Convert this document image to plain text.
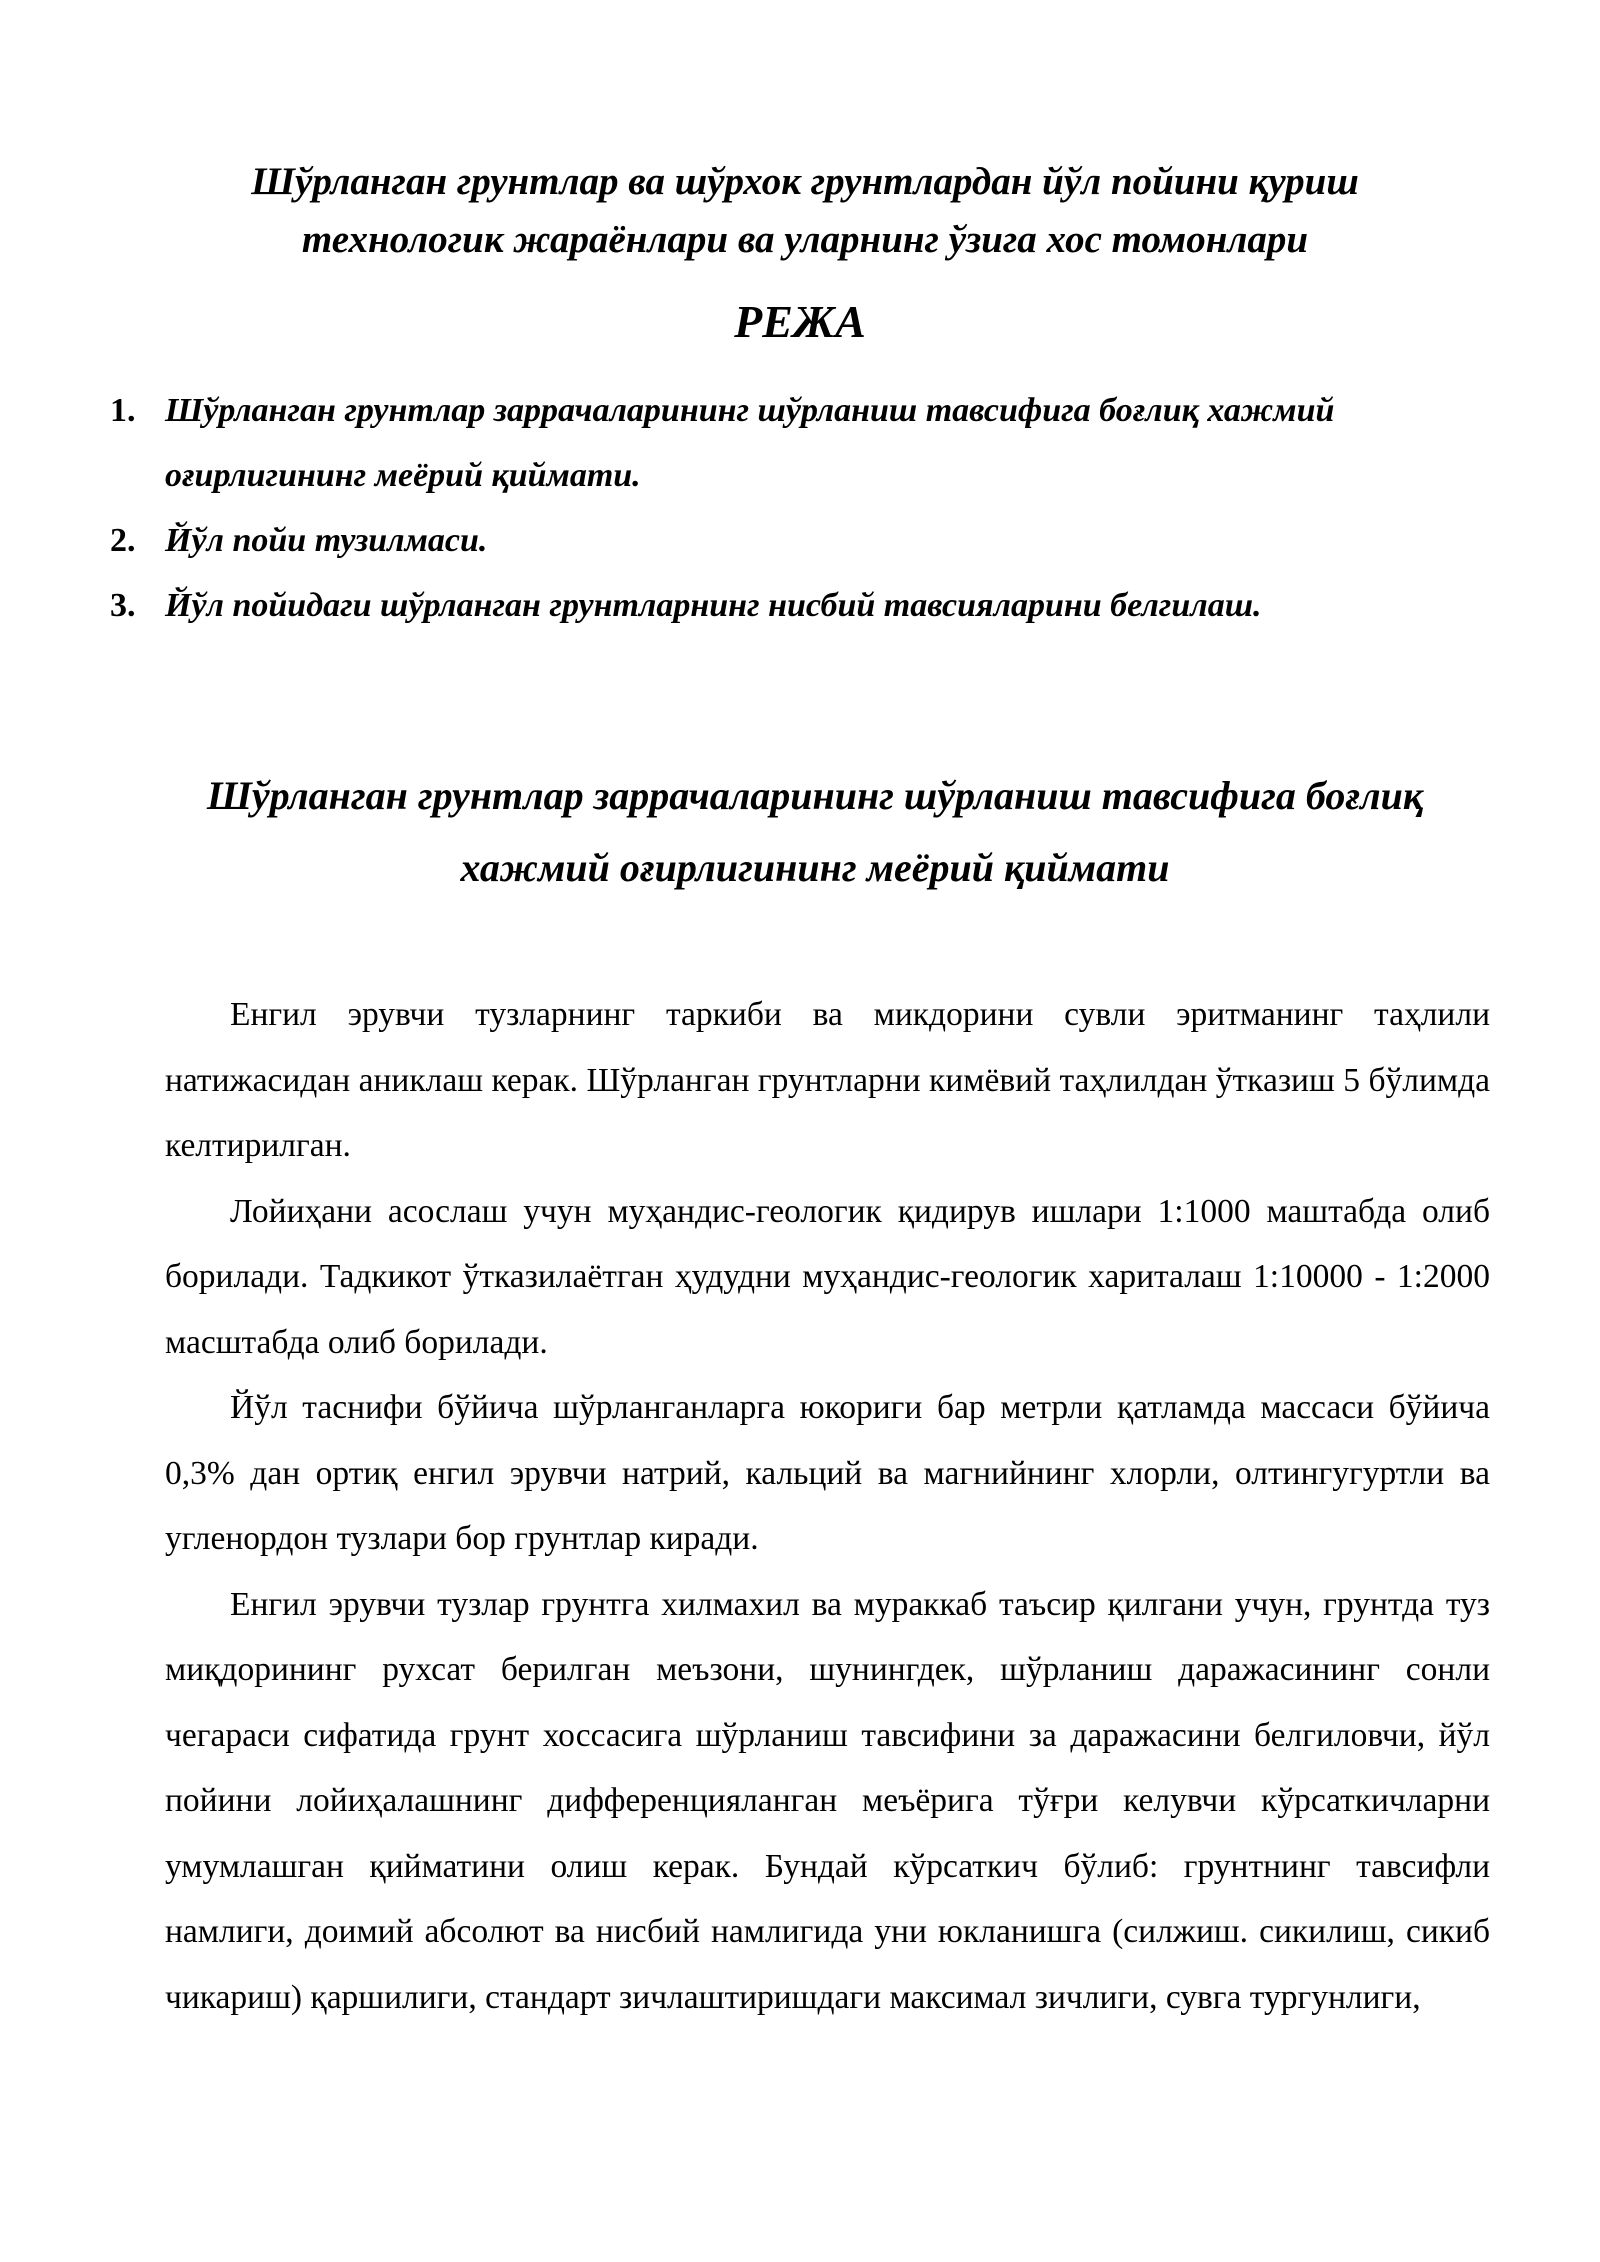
Шўрланган грунтлар ва шўрхок грунтлардан йўл пойини қуриш
технологик жараёнлари ва уларнинг ўзига хос томонлари
РЕЖА
1. Шўрланган грунтлар заррачаларининг шўрланиш тавсифига боғлиқ хажмий
оғирлигининг меёрий қиймати.
2. Йўл пойи тузилмаси.
3. Йўл пойидаги шўрланган грунтларнинг нисбий тавсияларини белгилаш.
Шўрланган грунтлар заррачаларининг шўрланиш тавсифига боғлиқ
хажмий оғирлигининг меёрий қиймати

Енгил эрувчи тузларнинг таркиби ва микдорини сувли эритманинг таҳлили натижасидан аниклаш керак. Шўрланган грунтларни кимёвий таҳлилдан ўтказиш 5 бўлимда келтирилган.

Лойиҳани асослаш учун муҳандис-геологик қидирув ишлари 1:1000 маштабда олиб борилади. Тадкикот ўтказилаётган ҳудудни муҳандис-геологик хариталаш 1:10000 - 1:2000 масштабда олиб борилади.

Йўл таснифи бўйича шўрланганларга юкориги бар метрли қатламда массаси бўйича 0,3% дан ортиқ енгил эрувчи натрий, кальций ва магнийнинг хлорли, олтингугуртли ва угленордон тузлари бор грунтлар киради.

Енгил эрувчи тузлар грунтга хилмахил ва мураккаб таъсир қилгани учун, грунтда туз миқдорининг рухсат берилган меъзони, шунингдек, шўрланиш даражасининг сонли чегараси сифатида грунт хоссасига шўрланиш тавсифини за даражасини белгиловчи, йўл пойини лойиҳалашнинг дифференцияланган меъёрига тўғри келувчи кўрсаткичларни умумлашган қийматини олиш керак. Бундай кўрсаткич бўлиб: грунтнинг тавсифли намлиги, доимий абсолют ва нисбий намлигида уни юкланишга (силжиш. сикилиш, сикиб чикариш) қаршилиги, стандарт зичлаштиришдаги максимал зичлиги, сувга тургунлиги,
